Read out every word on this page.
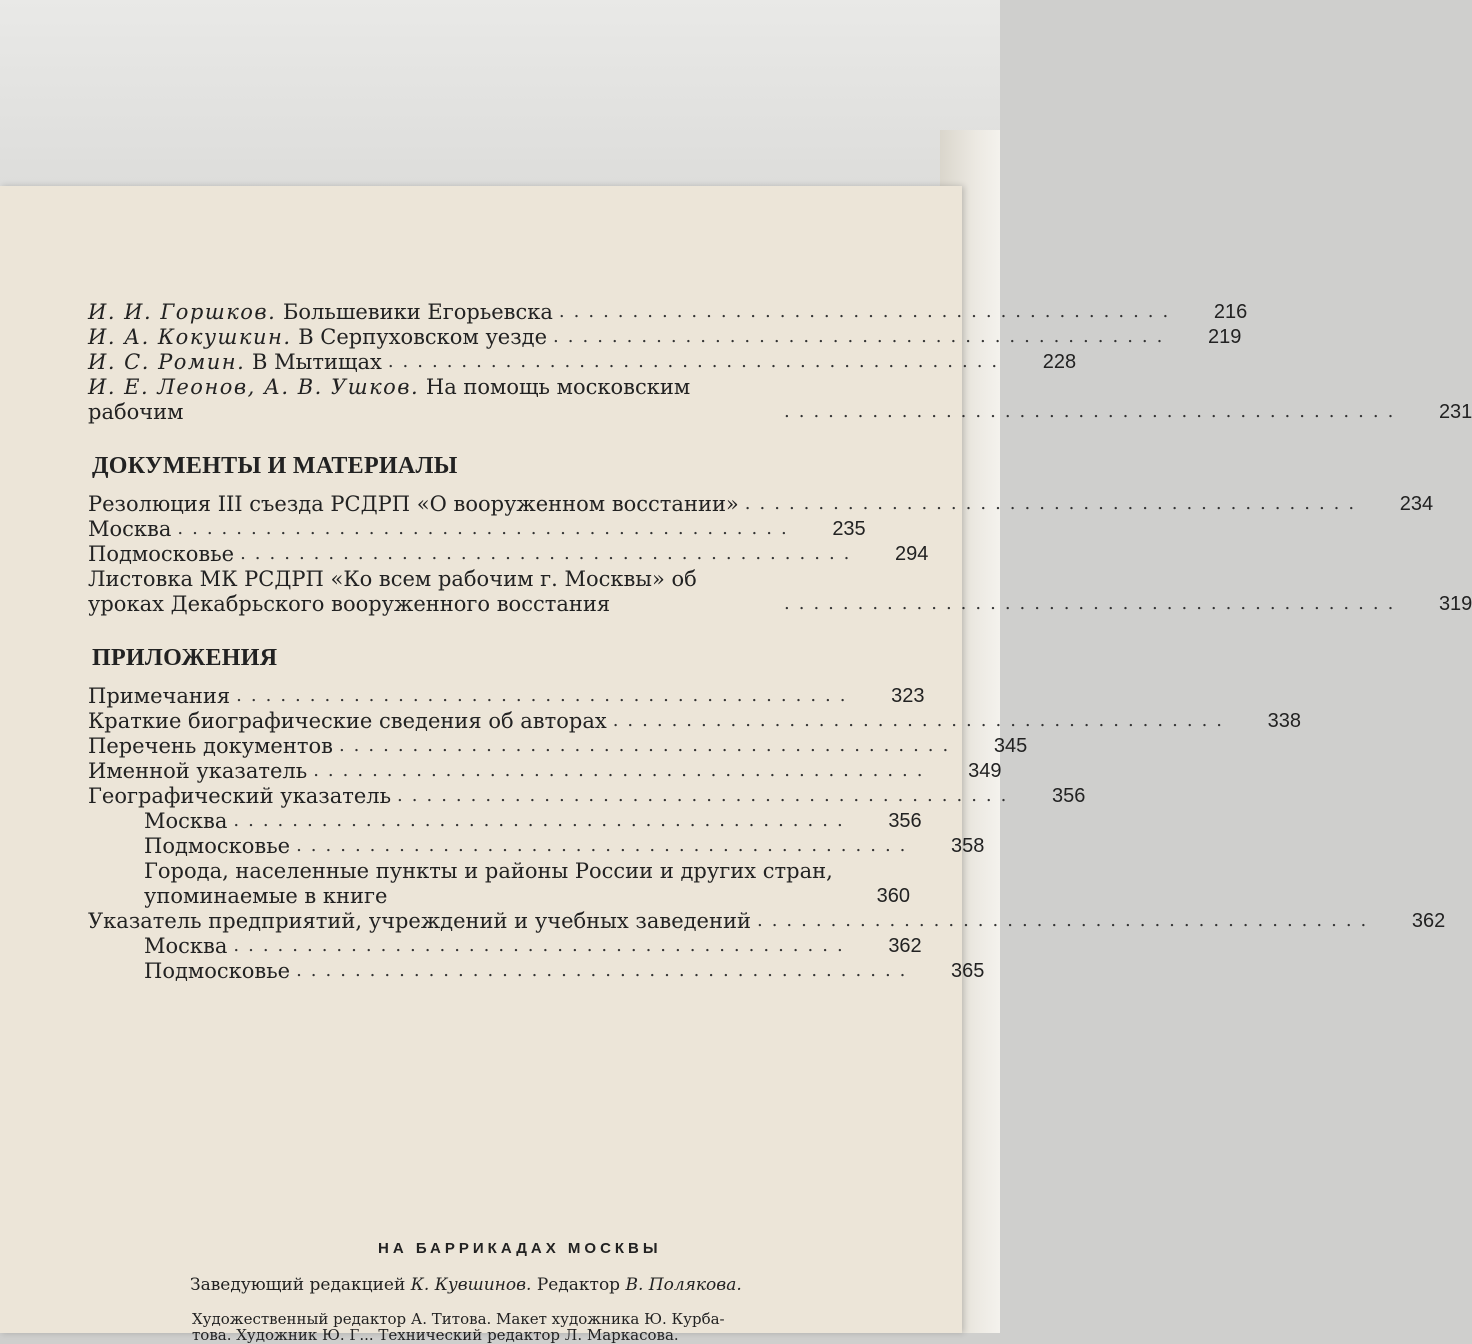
И. И. Горшков. Большевики Егорьевска ..........................................	216
И. А. Кокушкин. В Серпуховском уезде ..........................................	219
И. С. Ромин. В Мытищах ..........................................	228
И. Е. Леонов, А. В. Ушков. На помощь московским рабочим	..........................................	231
ДОКУМЕНТЫ И МАТЕРИАЛЫ
Резолюция III съезда РСДРП «О вооруженном восстании» ..........................................	234
Москва ..........................................	235
Подмосковье ..........................................	294
Листовка МК РСДРП «Ко всем рабочим г. Москвы» об уроках Декабрьского вооруженного восстания	..........................................	319
ПРИЛОЖЕНИЯ
Примечания ..........................................	323
Краткие биографические сведения об авторах ..........................................	338
Перечень документов ..........................................	345
Именной указатель ..........................................	349
Географический указатель ..........................................	356
Москва ..........................................	356
Подмосковье ..........................................	358
Города, населенные пункты и районы России и других стран, упоминаемые в книге	360
Указатель предприятий, учреждений и учебных заведений ..........................................	362
Москва ..........................................	362
Подмосковье ..........................................	365
НА БАРРИКАДАХ МОСКВЫ
Заведующий редакцией К. Кувшинов. Редактор В. Полякова.
Художественный редактор А. Титова. Макет художника Ю. Курба-
това. Художник Ю. Г... Технический редактор Л. Маркасова.
